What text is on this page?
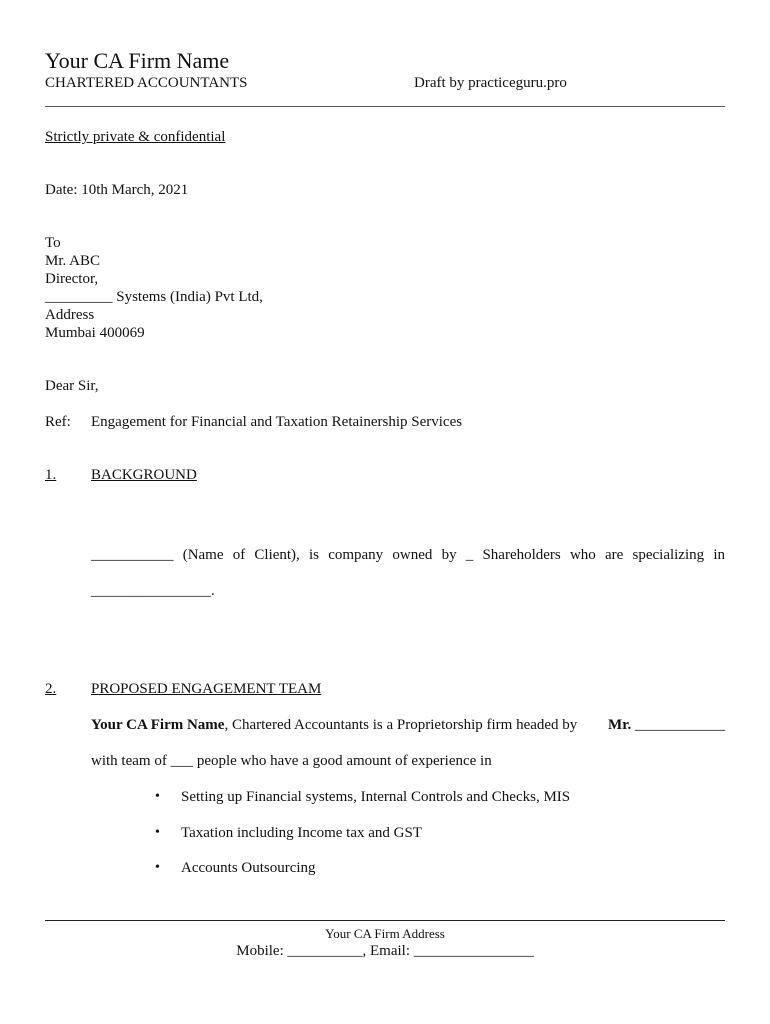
Your CA Firm Name
CHARTERED ACCOUNTANTS	Draft by practiceguru.pro
Strictly private & confidential
Date: 10th March, 2021
To
Mr. ABC
Director,
_________ Systems (India) Pvt Ltd,
Address
Mumbai 400069
Dear Sir,
Ref: Engagement for Financial and Taxation Retainership Services
1. BACKGROUND
___________ (Name of Client), is company owned by _ Shareholders who are specializing in ________________.
2. PROPOSED ENGAGEMENT TEAM
Your CA Firm Name, Chartered Accountants is a Proprietorship firm headed by Mr. ____________
with team of ___ people who have a good amount of experience in
•	Setting up Financial systems, Internal Controls and Checks, MIS
•	Taxation including Income tax and GST
•	Accounts Outsourcing
Your CA Firm Address
Mobile: __________, Email: ________________
